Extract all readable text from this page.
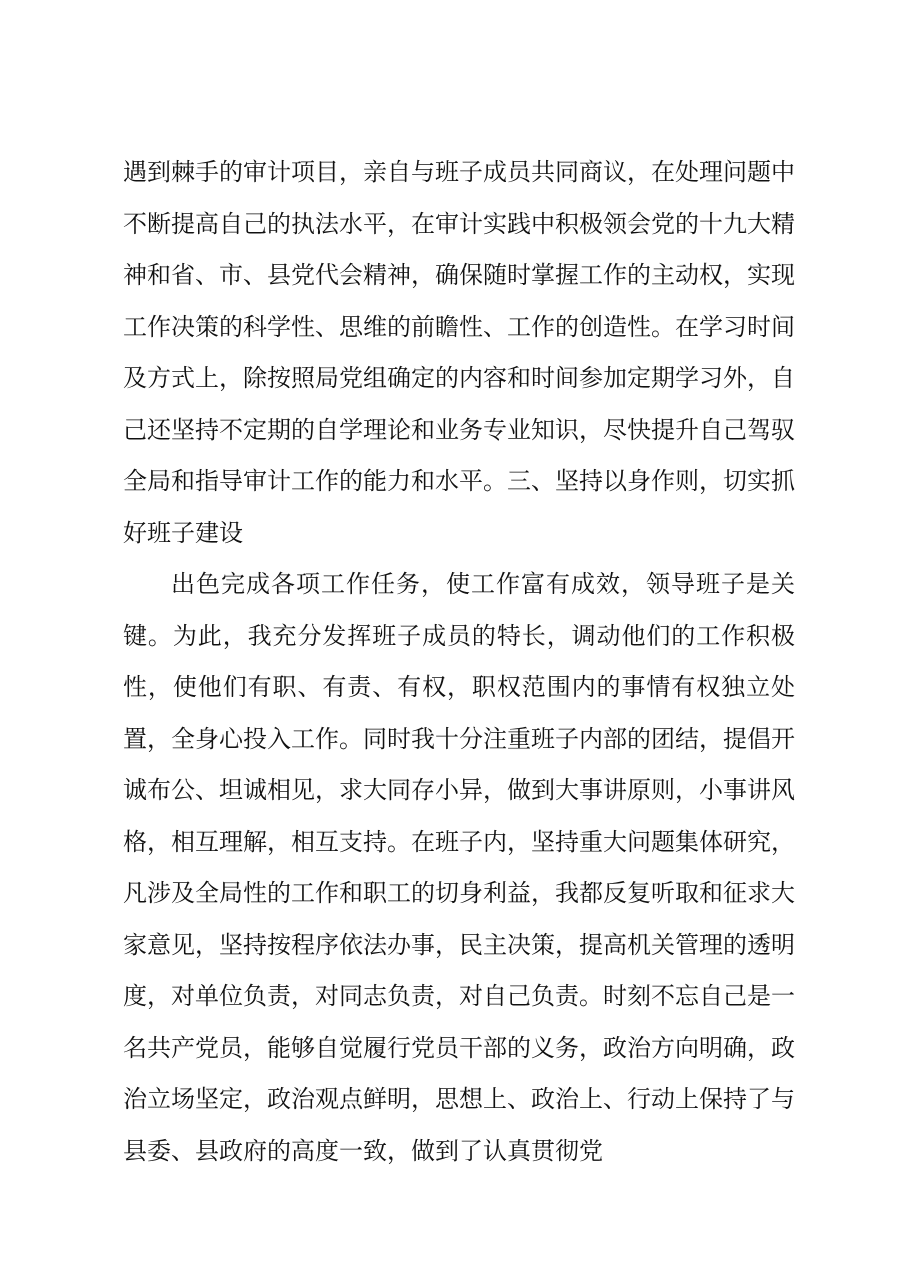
遇到棘手的审计项目，亲自与班子成员共同商议，在处理问题中不断提高自己的执法水平，在审计实践中积极领会党的十九大精神和省、市、县党代会精神，确保随时掌握工作的主动权，实现工作决策的科学性、思维的前瞻性、工作的创造性。在学习时间及方式上，除按照局党组确定的内容和时间参加定期学习外，自己还坚持不定期的自学理论和业务专业知识，尽快提升自己驾驭全局和指导审计工作的能力和水平。三、坚持以身作则，切实抓好班子建设

出色完成各项工作任务，使工作富有成效，领导班子是关键。为此，我充分发挥班子成员的特长，调动他们的工作积极性，使他们有职、有责、有权，职权范围内的事情有权独立处置，全身心投入工作。同时我十分注重班子内部的团结，提倡开诚布公、坦诚相见，求大同存小异，做到大事讲原则，小事讲风格，相互理解，相互支持。在班子内，坚持重大问题集体研究，凡涉及全局性的工作和职工的切身利益，我都反复听取和征求大家意见，坚持按程序依法办事，民主决策，提高机关管理的透明度，对单位负责，对同志负责，对自己负责。时刻不忘自己是一名共产党员，能够自觉履行党员干部的义务，政治方向明确，政治立场坚定，政治观点鲜明，思想上、政治上、行动上保持了与县委、县政府的高度一致，做到了认真贯彻党
